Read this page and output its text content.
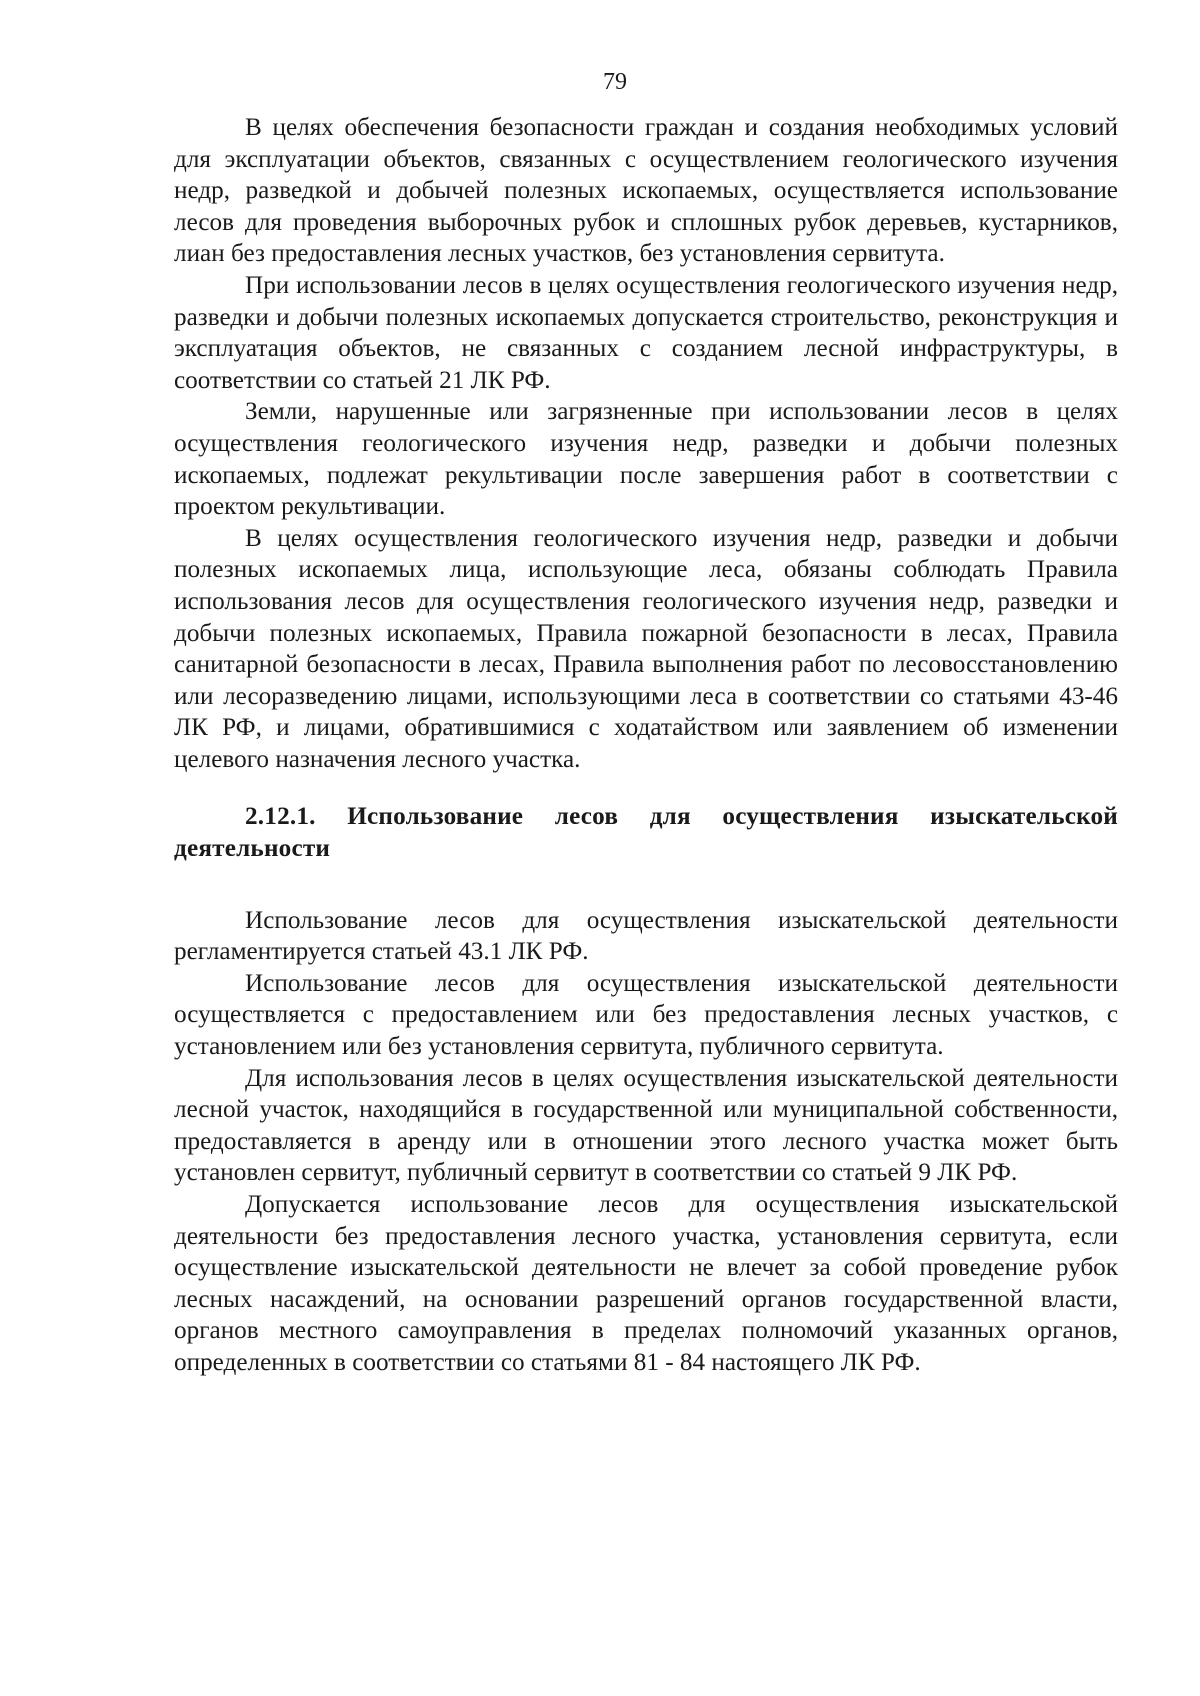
79

В целях обеспечения безопасности граждан и создания необходимых условий для эксплуатации объектов, связанных с осуществлением геологического изучения недр, разведкой и добычей полезных ископаемых, осуществляется использование лесов для проведения выборочных рубок и сплошных рубок деревьев, кустарников, лиан без предоставления лесных участков, без установления сервитута.

При использовании лесов в целях осуществления геологического изучения недр, разведки и добычи полезных ископаемых допускается строительство, реконструкция и эксплуатация объектов, не связанных с созданием лесной инфраструктуры, в соответствии со статьей 21 ЛК РФ.

Земли, нарушенные или загрязненные при использовании лесов в целях осуществления геологического изучения недр, разведки и добычи полезных ископаемых, подлежат рекультивации после завершения работ в соответствии с проектом рекультивации.

В целях осуществления геологического изучения недр, разведки и добычи полезных ископаемых лица, использующие леса, обязаны соблюдать Правила использования лесов для осуществления геологического изучения недр, разведки и добычи полезных ископаемых, Правила пожарной безопасности в лесах, Правила санитарной безопасности в лесах, Правила выполнения работ по лесовосстановлению или лесоразведению лицами, использующими леса в соответствии со статьями 43-46 ЛК РФ, и лицами, обратившимися с ходатайством или заявлением об изменении целевого назначения лесного участка.

2.12.1. Использование лесов для осуществления изыскательской деятельности

Использование лесов для осуществления изыскательской деятельности регламентируется статьей 43.1 ЛК РФ.

Использование лесов для осуществления изыскательской деятельности осуществляется с предоставлением или без предоставления лесных участков, с установлением или без установления сервитута, публичного сервитута.

Для использования лесов в целях осуществления изыскательской деятельности лесной участок, находящийся в государственной или муниципальной собственности, предоставляется в аренду или в отношении этого лесного участка может быть установлен сервитут, публичный сервитут в соответствии со статьей 9 ЛК РФ.

Допускается использование лесов для осуществления изыскательской деятельности без предоставления лесного участка, установления сервитута, если осуществление изыскательской деятельности не влечет за собой проведение рубок лесных насаждений, на основании разрешений органов государственной власти, органов местного самоуправления в пределах полномочий указанных органов, определенных в соответствии со статьями 81 - 84 настоящего ЛК РФ.
